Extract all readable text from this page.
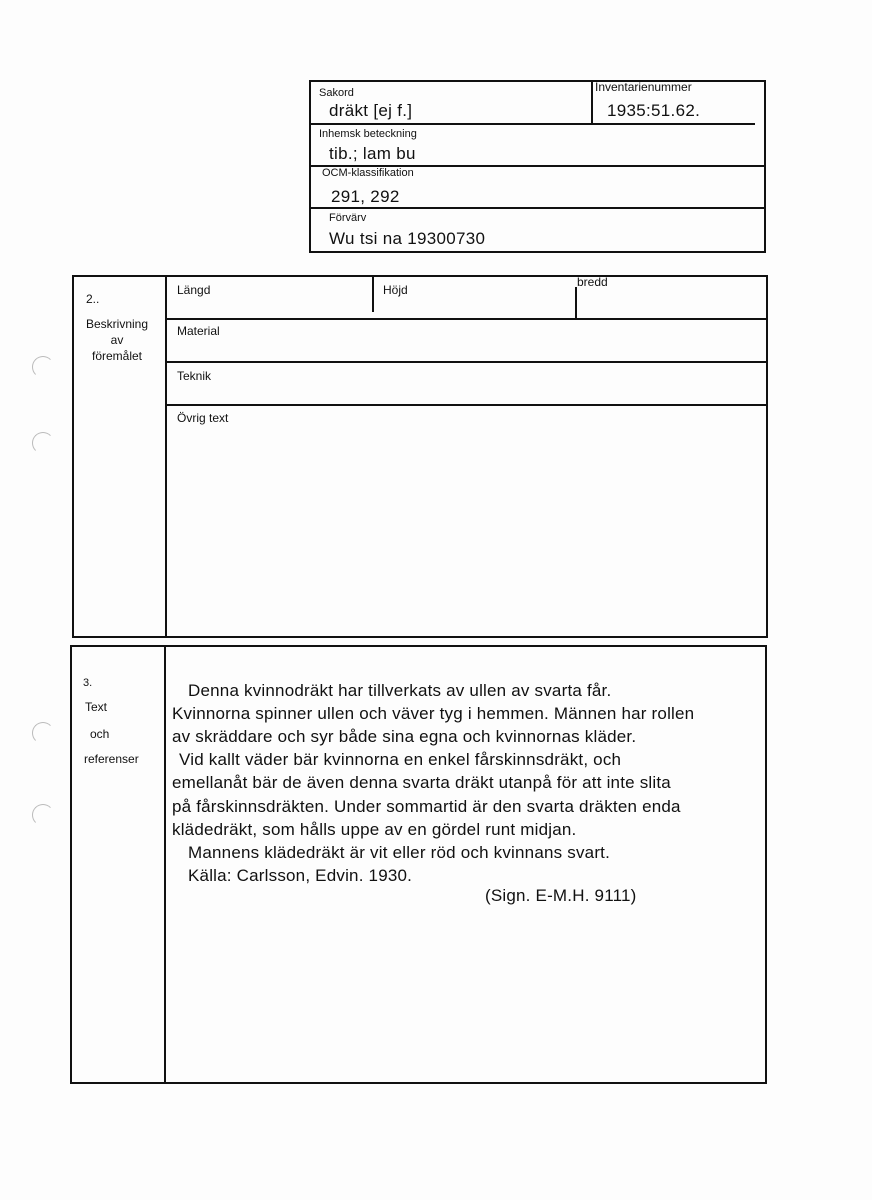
Sakord
dräkt [ej f.]
Inventarienummer
1935:51.62.
Inhemsk beteckning
tib.; lam bu
OCM-klassifikation
291, 292
Förvärv
Wu tsi na 19300730
2..
Beskrivning
av
föremålet
Längd	Höjd
bredd
Material
Teknik
Övrig text
3.
Text
och
referenser
Denna kvinnodräkt har tillverkats av ullen av svarta får.
Kvinnorna spinner ullen och väver tyg i hemmen. Männen har rollen
av skräddare och syr både sina egna och kvinnornas kläder.
Vid kallt väder bär kvinnorna en enkel fårskinnsdräkt, och
emellanåt bär de även denna svarta dräkt utanpå för att inte slita
på fårskinnsdräkten. Under sommartid är den svarta dräkten enda
klädedräkt, som hålls uppe av en gördel runt midjan.
Mannens klädedräkt är vit eller röd och kvinnans svart.
Källa: Carlsson, Edvin. 1930.
(Sign. E-M.H. 9111)
